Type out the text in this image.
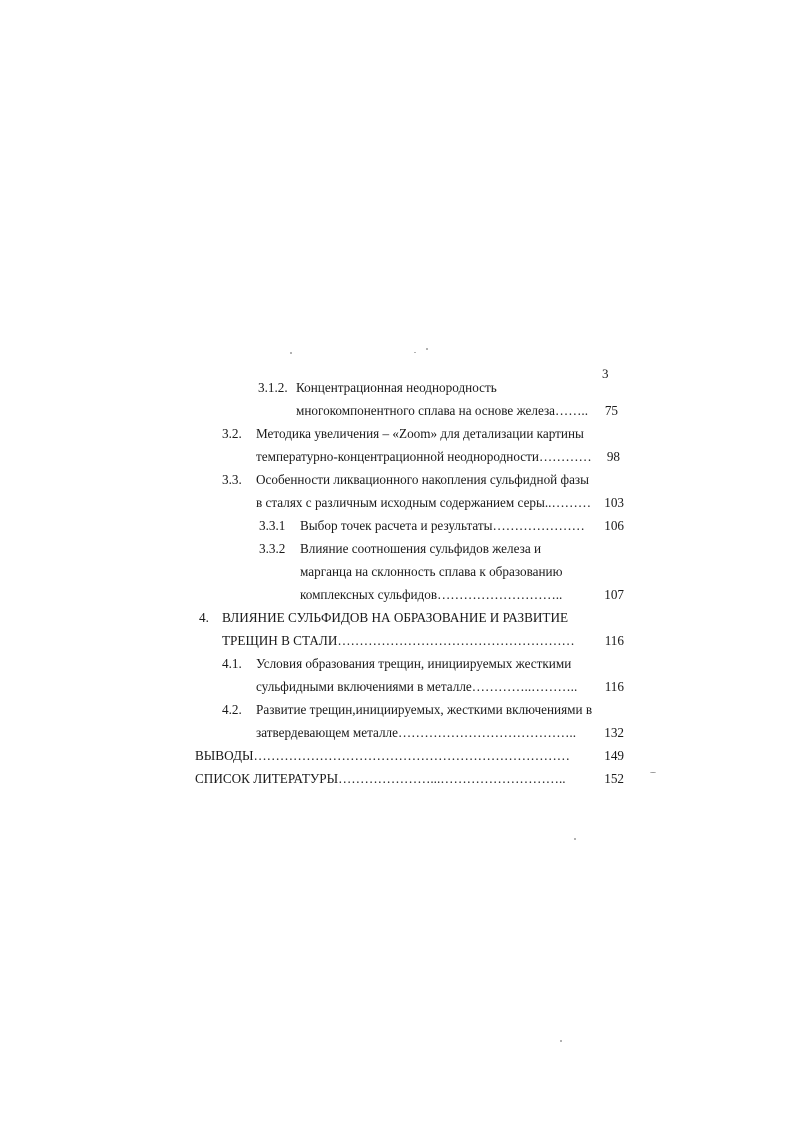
3
3.1.2. Концентрационная неоднородность
многокомпонентного сплава на основе железа……..	75
3.2. Методика увеличения – «Zoom» для детализации картины
температурно-концентрационной неоднородности…………	98
3.3. Особенности ликвационного накопления сульфидной фазы
в сталях с различным исходным содержанием серы..……… 103
3.3.1 Выбор точек расчета и результаты…………………	106
3.3.2 Влияние соотношения сульфидов железа и
марганца на склонность сплава к образованию
комплексных сульфидов………………………..	107
4. ВЛИЯНИЕ СУЛЬФИДОВ НА ОБРАЗОВАНИЕ И РАЗВИТИЕ
ТРЕЩИН В СТАЛИ………………………………………………	116
4.1. Условия образования трещин, инициируемых жесткими
сульфидными включениями в металле…………..………..	116
4.2. Развитие трещин,инициируемых, жесткими включениями в
затвердевающем металле…………………………………..	132
ВЫВОДЫ………………………………………………………………	149
СПИСОК ЛИТЕРАТУРЫ…………………...………………………..	152
